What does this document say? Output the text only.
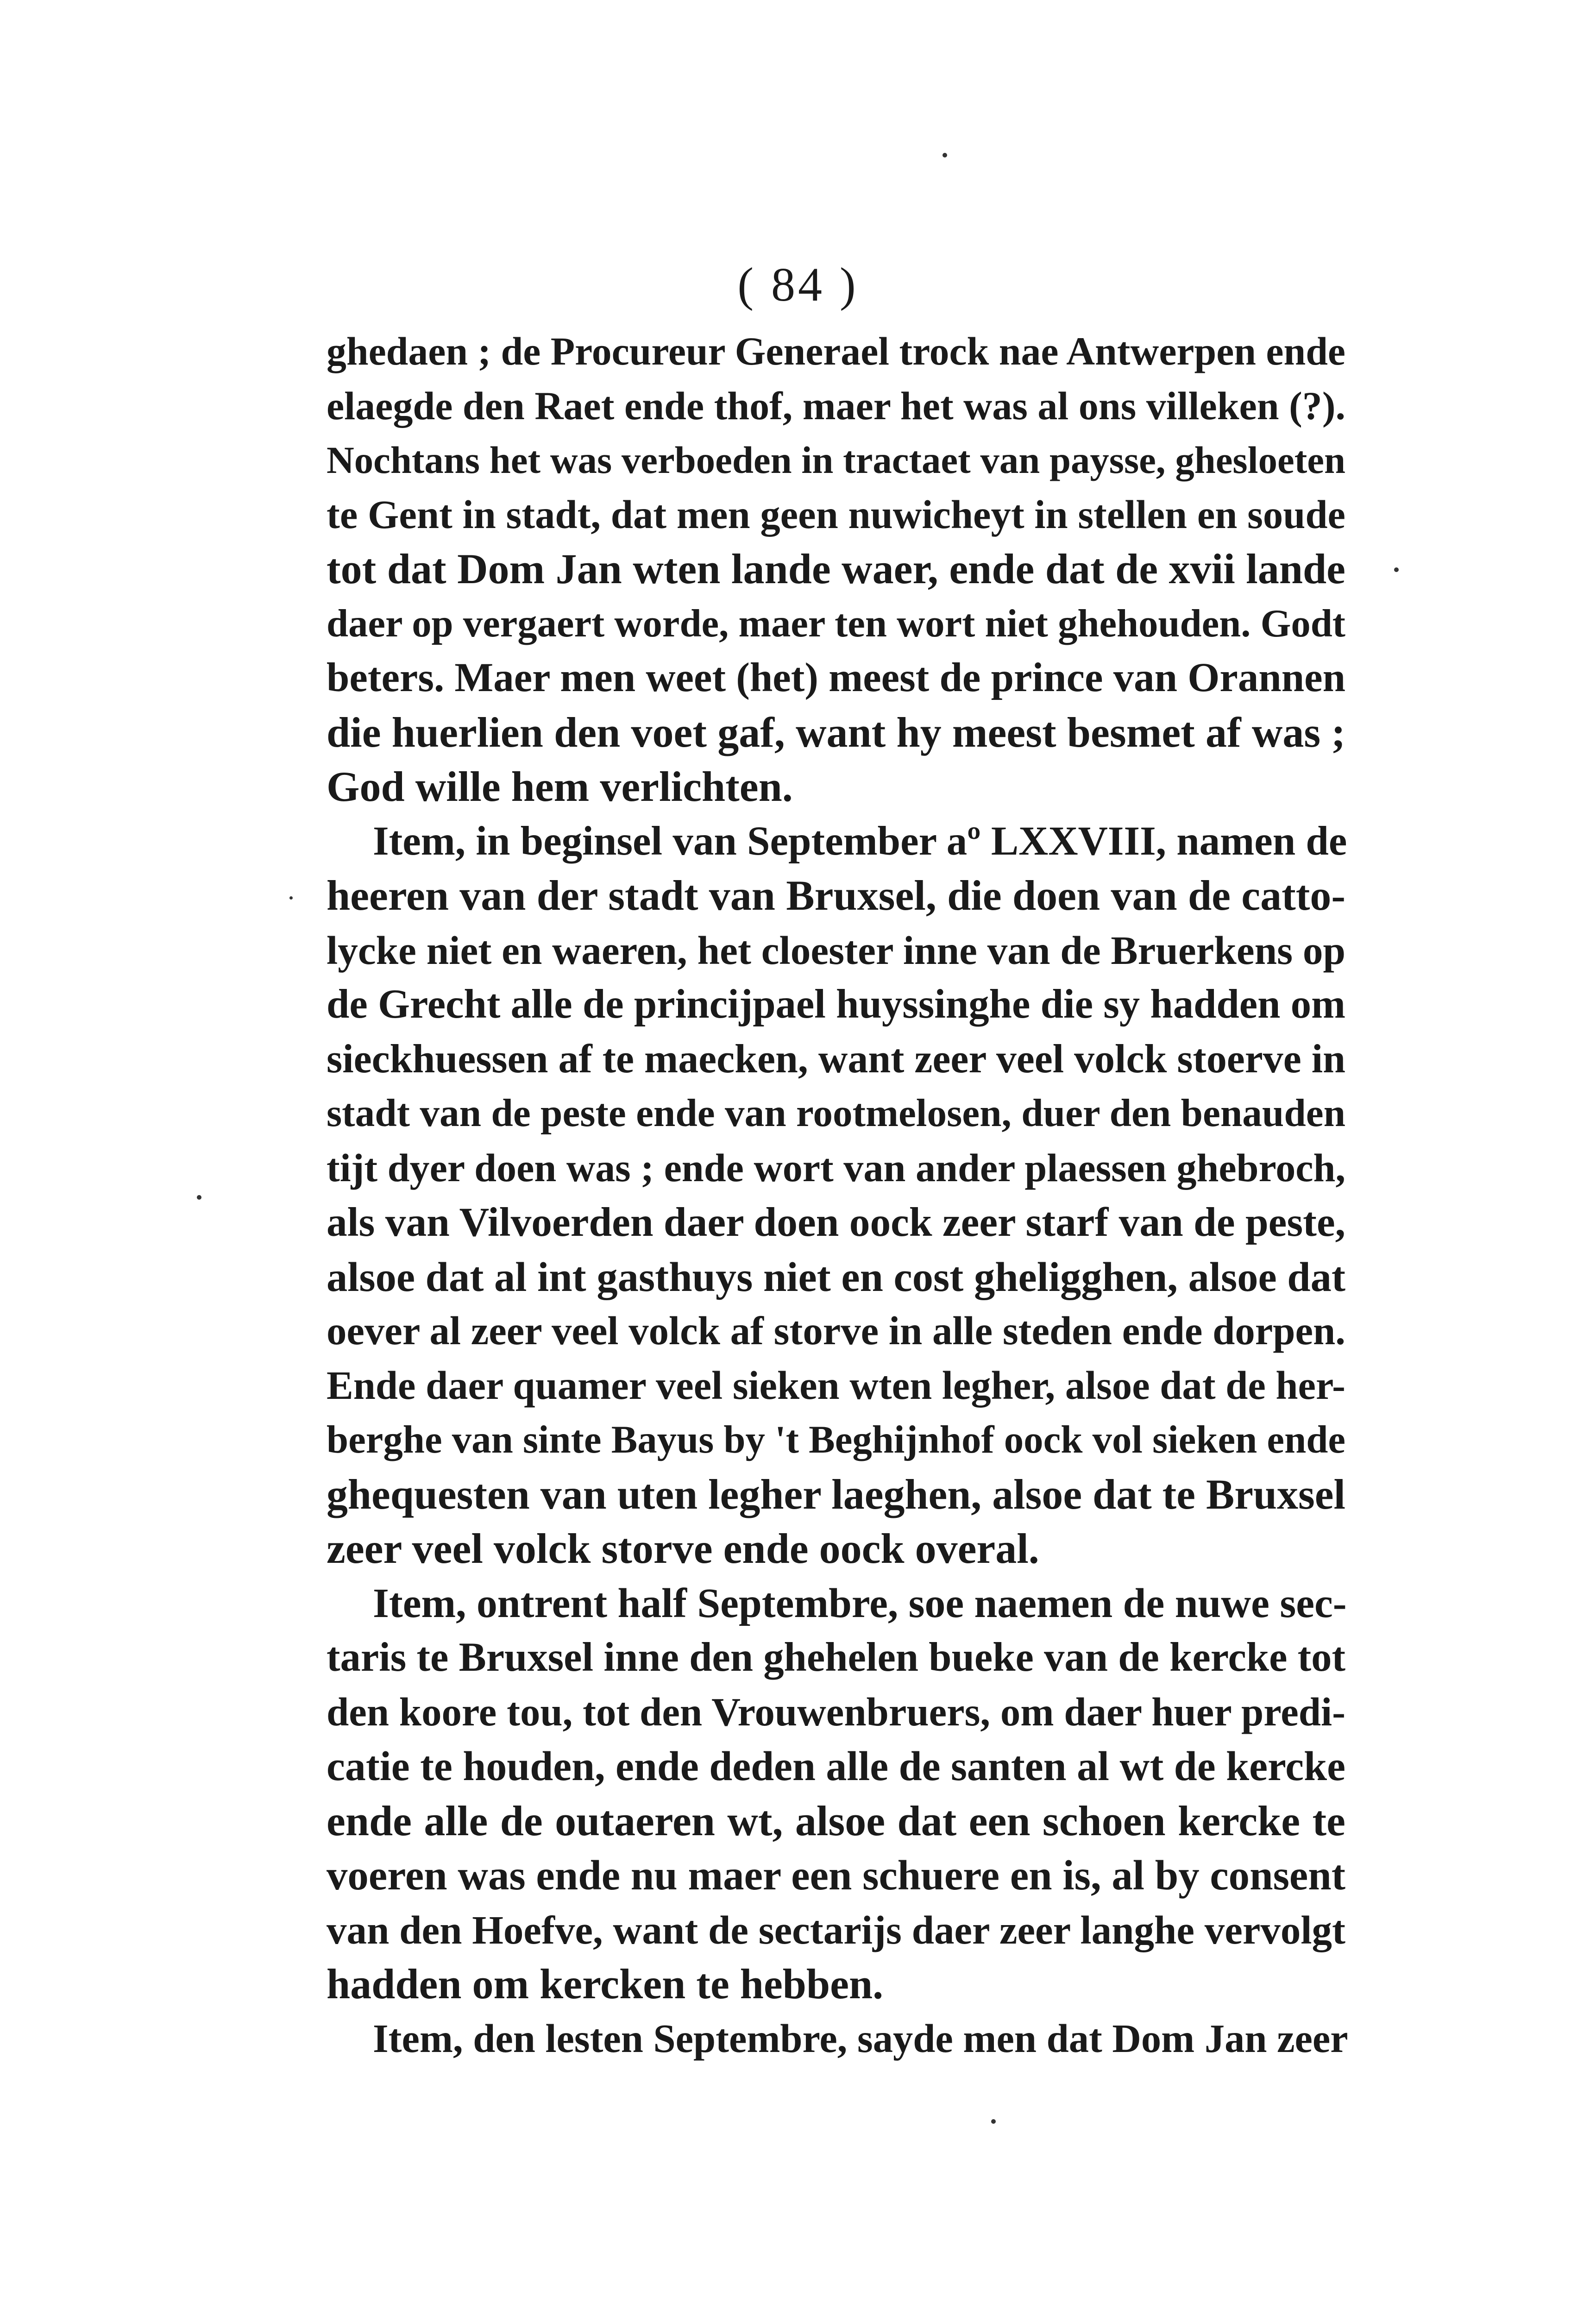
( 84 )
ghedaen ; de Procureur Generael trock nae Antwerpen ende
elaegde den Raet ende thof, maer het was al ons villeken (?).
Nochtans het was verboeden in tractaet van paysse, ghesloeten
te Gent in stadt, dat men geen nuwicheyt in stellen en soude
tot dat Dom Jan wten lande waer, ende dat de xvii lande
daer op vergaert worde, maer ten wort niet ghehouden. Godt
beters. Maer men weet (het) meest de prince van Orannen
die huerlien den voet gaf, want hy meest besmet af was ;
God wille hem verlichten.
Item, in beginsel van September aº LXXVIII, namen de
heeren van der stadt van Bruxsel, die doen van de catto-
lycke niet en waeren, het cloester inne van de Bruerkens op
de Grecht alle de princijpael huyssinghe die sy hadden om
sieckhuessen af te maecken, want zeer veel volck stoerve in
stadt van de peste ende van rootmelosen, duer den benauden
tijt dyer doen was ; ende wort van ander plaessen ghebroch,
als van Vilvoerden daer doen oock zeer starf van de peste,
alsoe dat al int gasthuys niet en cost gheligghen, alsoe dat
oever al zeer veel volck af storve in alle steden ende dorpen.
Ende daer quamer veel sieken wten legher, alsoe dat de her-
berghe van sinte Bayus by 't Beghijnhof oock vol sieken ende
ghequesten van uten legher laeghen, alsoe dat te Bruxsel
zeer veel volck storve ende oock overal.
Item, ontrent half Septembre, soe naemen de nuwe sec-
taris te Bruxsel inne den ghehelen bueke van de kercke tot
den koore tou, tot den Vrouwenbruers, om daer huer predi-
catie te houden, ende deden alle de santen al wt de kercke
ende alle de outaeren wt, alsoe dat een schoen kercke te
voeren was ende nu maer een schuere en is, al by consent
van den Hoefve, want de sectarijs daer zeer langhe vervolgt
hadden om kercken te hebben.
Item, den lesten Septembre, sayde men dat Dom Jan zeer
